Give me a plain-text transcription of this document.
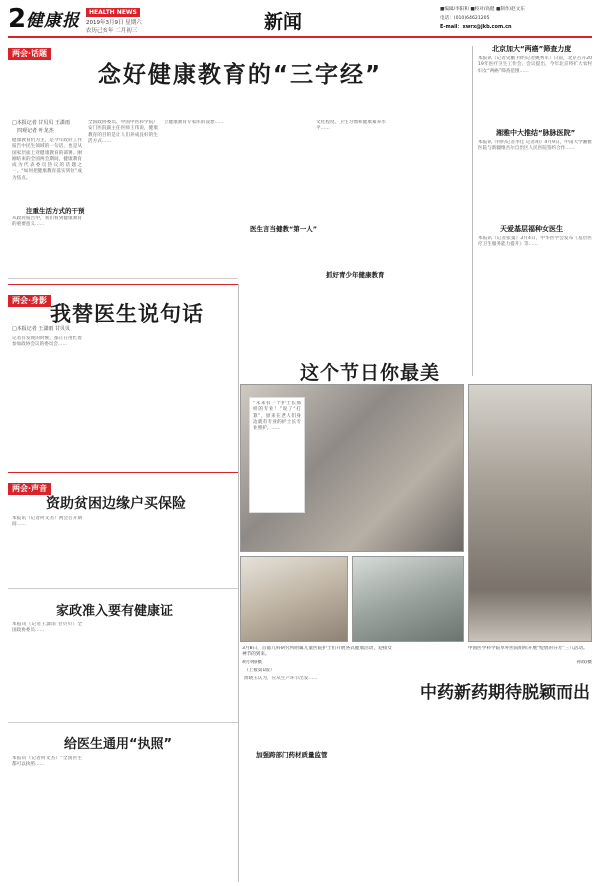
2 健康报	HEALTH NEWS
2019年3月9日 星期六
农历己亥年 二月初三	新闻
■编辑/李阳和 ■校对/高健 ■制作/赵文东
电话：(010)64621205
E-mail：xwrx@jkb.com.cn
两会·话题
念好健康教育的“三字经”
□本报记者 甘贝贝 王潇雨
　四观记者 叶龙杰
健康教育仍为主，是今年政府工作报告中民生领域的一句话，也是从国家层面上对健康教育的部署。刚刚结束的全国两会期间，健康教育成为代表委员热议的话题之一，“如何把健康教育落实到位”成为焦点。
注重生活方式的干预
从政府报告中，我们看到健康教育的重要意义……
全国政协委员、中国中医科学院广安门医院副主任医师王伟说，健康教育的目的是让人们养成良好的生活方式……
立健康教育专家库的设想……
医生言当健教“第一人”
文化程度、卫生习惯和健康素养水平……
抓好青少年健康教育
北京加大“两癌”筛查力度
本报讯（记者史鹏 特约记者姚秀军）日前，北京召开2019年医疗卫生工作会，会议提出，今年北京将扩大农村妇女“两癌”筛查范围……
湘雅中大推结“脉脉医院”
本报讯（特约记者李佳 记者胡）4月9日，中南大学湘雅医院与新疆维吾尔自治区人民医院签约合作……
天爱基层福种女医生
本报讯（记者张曼）3月4日，中华医学会发布《基层医疗卫生服务能力提升》等……
两会·身影
我替医生说句话
□本报记者 王潇雨 甘贝贝
记者有发现的时候，都正在用忙着参加政协会议的委员会……
这个节日你最美
“未来有一个护士长那样的专业！”说了“打算”，原来在老人们身边就有专业的护士长专业照护。……
3月8日，首都儿科研究所附属儿童医院护士们开展各式健康活动，迎接女神节的到来。
胡小刚/摄
中国医学科学院阜外医院组织开展“绽放的芬芳”三八活动。
孙政/摄
两会·声音
资助贫困边缘户买保险
本报讯（记者何文杰）两会召开期间……
家政准入要有健康证
本报讯（记者王潇雨 甘贝贝）全国政协委员……
给医生通用“执照”
本报讯（记者何文杰）“全国医生都可以执照……
中药新药期待脱颖而出
（上接第1版）
源晓玉认为，应从生产环节出发……
加强跨部门药材质量监管
